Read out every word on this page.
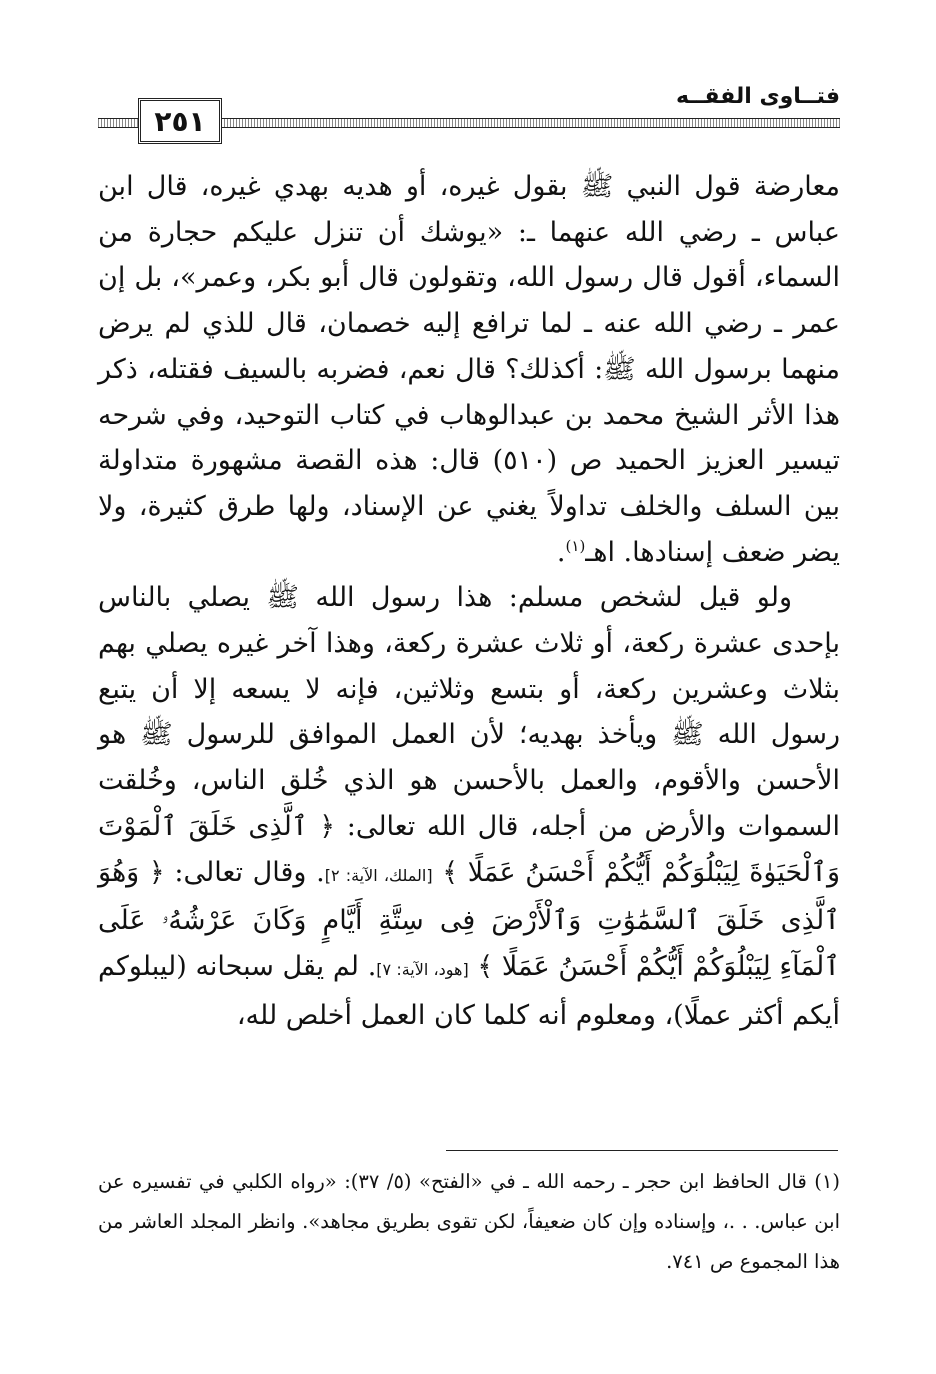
٢٥١
فتــاوى الفقــه

معارضة قول النبي ﷺ بقول غيره، أو هديه بهدي غيره، قال ابن عباس ـ رضي الله عنهما ـ: «يوشك أن تنزل عليكم حجارة من السماء، أقول قال رسول الله، وتقولون قال أبو بكر، وعمر»، بل إن عمر ـ رضي الله عنه ـ لما ترافع إليه خصمان، قال للذي لم يرض منهما برسول الله ﷺ: أكذلك؟ قال نعم، فضربه بالسيف فقتله، ذكر هذا الأثر الشيخ محمد بن عبدالوهاب في كتاب التوحيد، وفي شرحه تيسير العزيز الحميد ص (٥١٠) قال: هذه القصة مشهورة متداولة بين السلف والخلف تداولاً يغني عن الإسناد، ولها طرق كثيرة، ولا يضر ضعف إسنادها. اهـ$^{(١)}$.

ولو قيل لشخص مسلم: هذا رسول الله ﷺ يصلي بالناس بإحدى عشرة ركعة، أو ثلاث عشرة ركعة، وهذا آخر غيره يصلي بهم بثلاث وعشرين ركعة، أو بتسع وثلاثين، فإنه لا يسعه إلا أن يتبع رسول الله ﷺ ويأخذ بهديه؛ لأن العمل الموافق للرسول ﷺ هو الأحسن والأقوم، والعمل بالأحسن هو الذي خُلق الناس، وخُلقت السموات والأرض من أجله، قال الله تعالى: ﴿ ٱلَّذِى خَلَقَ ٱلْمَوْتَ وَٱلْحَيَوٰةَ لِيَبْلُوَكُمْ أَيُّكُمْ أَحْسَنُ عَمَلًا ﴾ [الملك، الآية: ٢]. وقال تعالى: ﴿ وَهُوَ ٱلَّذِى خَلَقَ ٱلسَّمَٰوَٰتِ وَٱلْأَرْضَ فِى سِتَّةِ أَيَّامٍ وَكَانَ عَرْشُهُۥ عَلَى ٱلْمَآءِ لِيَبْلُوَكُمْ أَيُّكُمْ أَحْسَنُ عَمَلًا ﴾ [هود، الآية: ٧]. لم يقل سبحانه (ليبلوكم أيكم أكثر عملًا)، ومعلوم أنه كلما كان العمل أخلص لله،

(١) قال الحافظ ابن حجر ـ رحمه الله ـ في «الفتح» (٥/ ٣٧): «رواه الكلبي في تفسيره عن ابن عباس. . .، وإسناده وإن كان ضعيفاً، لكن تقوى بطريق مجاهد». وانظر المجلد العاشر من هذا المجموع ص ٧٤١.
